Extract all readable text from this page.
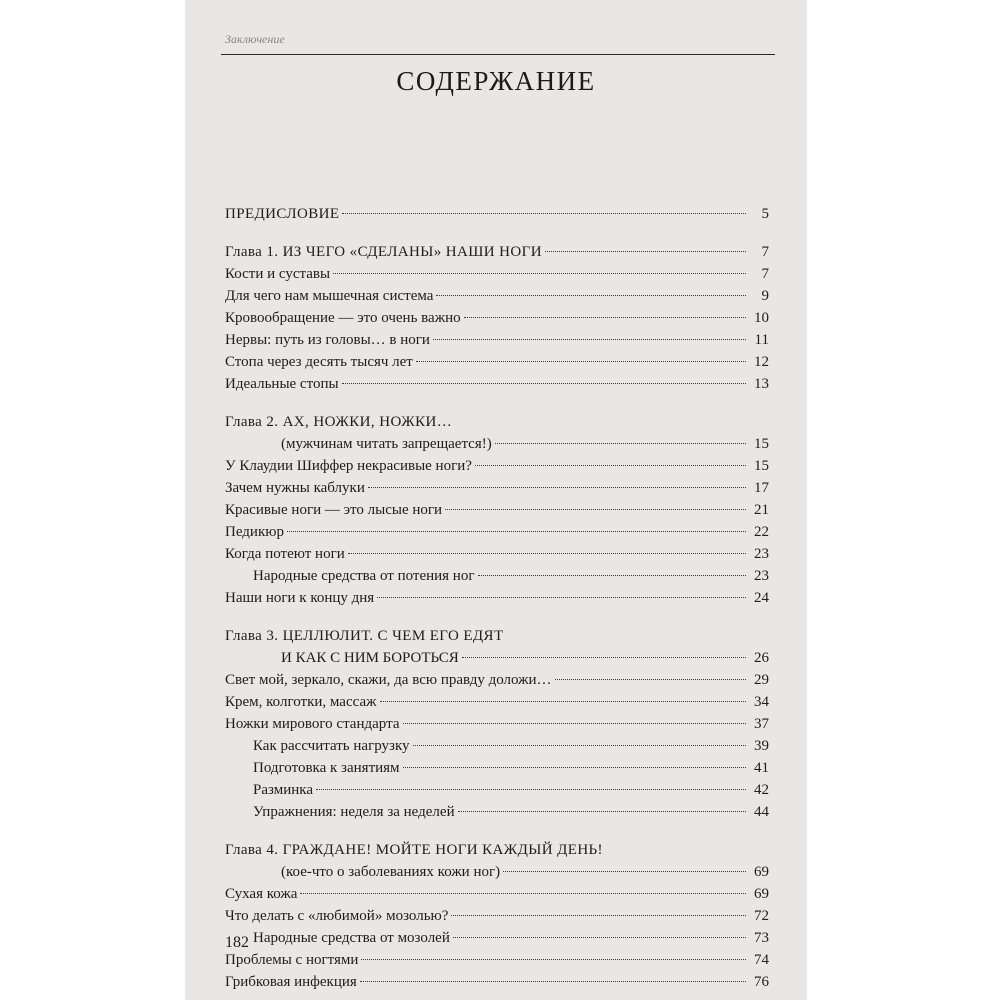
Заключение
СОДЕРЖАНИЕ
ПРЕДИСЛОВИЕ	5
Глава 1. ИЗ ЧЕГО «СДЕЛАНЫ» НАШИ НОГИ	7
Кости и суставы	7
Для чего нам мышечная система	9
Кровообращение — это очень важно	10
Нервы: путь из головы… в ноги	11
Стопа через десять тысяч лет	12
Идеальные стопы	13
Глава 2. АХ, НОЖКИ, НОЖКИ…
(мужчинам читать запрещается!)	15
У Клаудии Шиффер некрасивые ноги?	15
Зачем нужны каблуки	17
Красивые ноги — это лысые ноги	21
Педикюр	22
Когда потеют ноги	23
Народные средства от потения ног	23
Наши ноги к концу дня	24
Глава 3. ЦЕЛЛЮЛИТ. С ЧЕМ ЕГО ЕДЯТ
И КАК С НИМ БОРОТЬСЯ	26
Свет мой, зеркало, скажи, да всю правду доложи…	29
Крем, колготки, массаж	34
Ножки мирового стандарта	37
Как рассчитать нагрузку	39
Подготовка к занятиям	41
Разминка	42
Упражнения: неделя за неделей	44
Глава 4. ГРАЖДАНЕ! МОЙТЕ НОГИ КАЖДЫЙ ДЕНЬ!
(кое-что о заболеваниях кожи ног)	69
Сухая кожа	69
Что делать с «любимой» мозолью?	72
Народные средства от мозолей	73
Проблемы с ногтями	74
Грибковая инфекция	76
182
